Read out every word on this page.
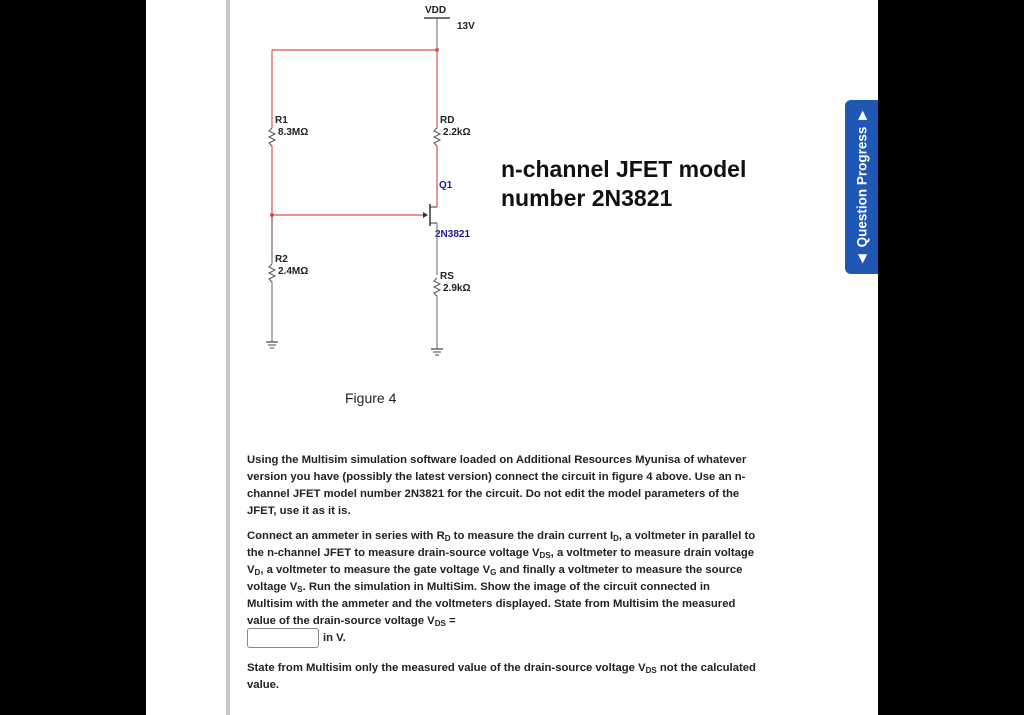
VDD
13V
R1
8.3MΩ
RD
2.2kΩ
Q1
2N3821
R2
2.4MΩ	RS
2.9kΩ
n-channel JFET model number 2N3821
Figure 4
Using the Multisim simulation software loaded on Additional Resources Myunisa of whatever version you have (possibly the latest version) connect the circuit in figure 4 above. Use an n-channel JFET model number 2N3821 for the circuit. Do not edit the model parameters of the JFET, use it as it is.
Connect an ammeter in series with $R_D$ to measure the drain current $I_D$, a voltmeter in parallel to the n-channel JFET to measure drain-source voltage $V_{DS}$, a voltmeter to measure drain voltage $V_D$, a voltmeter to measure the gate voltage $V_G$ and finally a voltmeter to measure the source voltage $V_S$. Run the simulation in MultiSim. Show the image of the circuit connected in Multisim with the ammeter and the voltmeters displayed. State from Multisim the measured value of the drain-source voltage $V_{DS}$ =
in V.
State from Multisim only the measured value of the drain-source voltage $V_{DS}$ not the calculated value.
◀
Question Progress
▶
